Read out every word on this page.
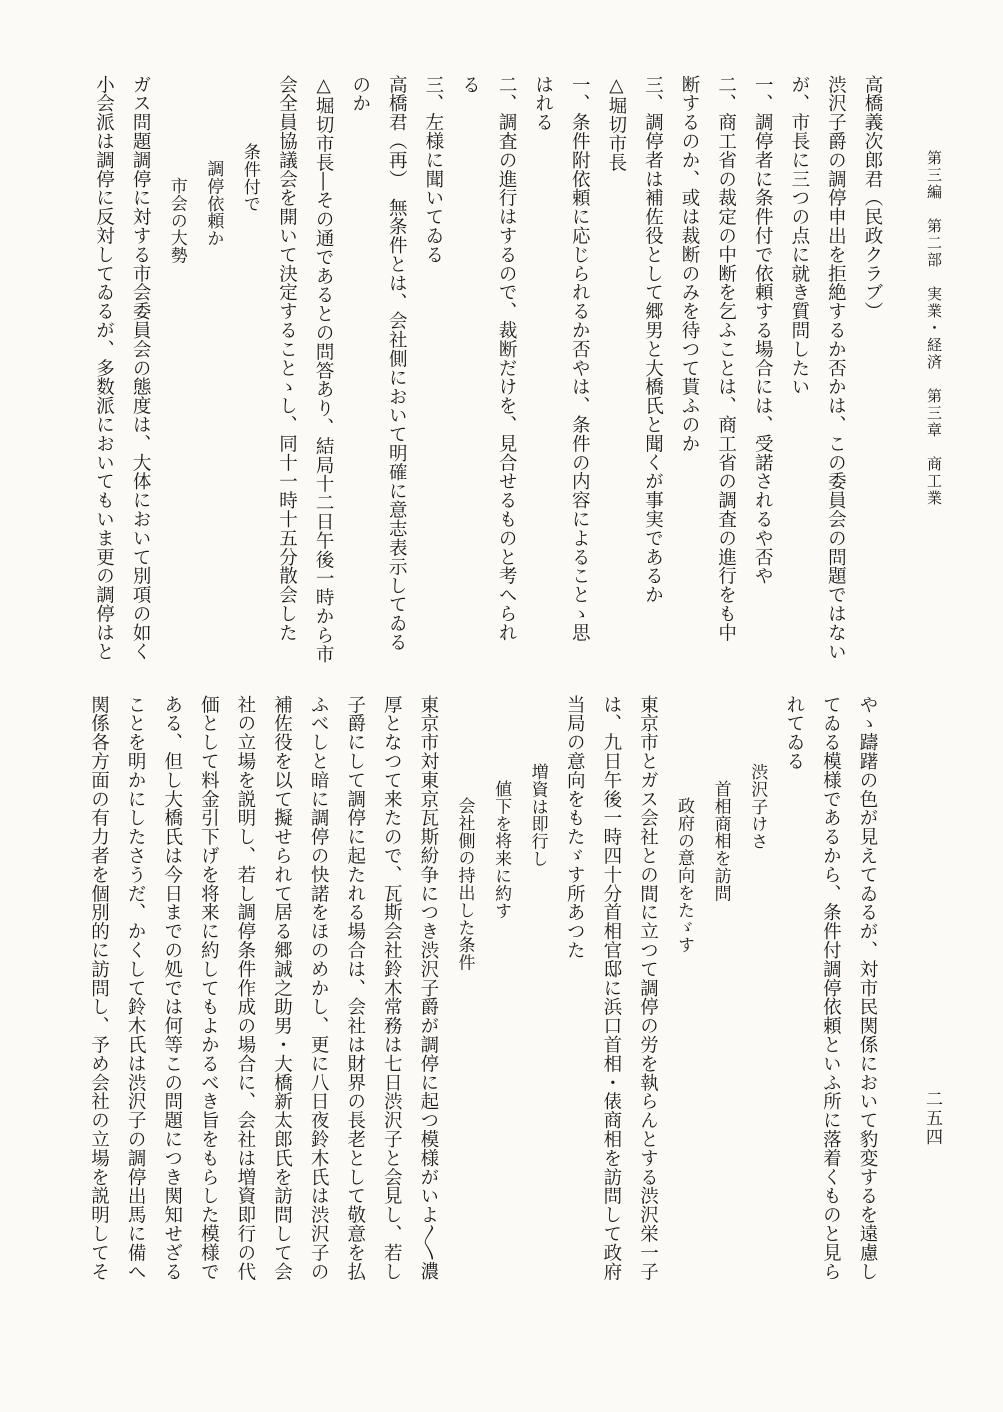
第三編　第二部　実業・経済　第三章　商工業
二五四
高橋義次郎君（民政クラブ）
渋沢子爵の調停申出を拒絶するか否かは、この委員会の問題ではない
が、市長に三つの点に就き質問したい
一、調停者に条件付で依頼する場合には、受諾されるや否や
二、商工省の裁定の中断を乞ふことは、商工省の調査の進行をも中
断するのか、或は裁断のみを待つて貰ふのか
三、調停者は補佐役として郷男と大橋氏と聞くが事実であるか
△堀切市長
一、条件附依頼に応じられるか否やは、条件の内容によることゝ思
はれる
二、調査の進行はするので、裁断だけを、見合せるものと考へられ
る
三、左様に聞いてゐる
高橋君（再）　無条件とは、会社側において明確に意志表示してゐる
のか
△堀切市長―その通であるとの問答あり、結局十二日午後一時から市
会全員協議会を開いて決定することゝし、同十一時十五分散会した
条件付で
調停依頼か
市会の大勢
ガス問題調停に対する市会委員会の態度は、大体において別項の如く
小会派は調停に反対してゐるが、多数派においてもいま更の調停はと
やゝ躊躇の色が見えてゐるが、対市民関係において豹変するを遠慮し
てゐる模様であるから、条件付調停依頼といふ所に落着くものと見ら
れてゐる
渋沢子けさ
首相商相を訪問
政府の意向をたゞす
東京市とガス会社との間に立つて調停の労を執らんとする渋沢栄一子
は、九日午後一時四十分首相官邸に浜口首相・俵商相を訪問して政府
当局の意向をもたゞす所あつた
増資は即行し
値下を将来に約す
会社側の持出した条件
東京市対東京瓦斯紛争につき渋沢子爵が調停に起つ模様がいよ〳〵濃
厚となつて来たので、瓦斯会社鈴木常務は七日渋沢子と会見し、若し
子爵にして調停に起たれる場合は、会社は財界の長老として敬意を払
ふべしと暗に調停の快諾をほのめかし、更に八日夜鈴木氏は渋沢子の
補佐役を以て擬せられて居る郷誠之助男・大橋新太郎氏を訪問して会
社の立場を説明し、若し調停条件作成の場合に、会社は増資即行の代
価として料金引下げを将来に約してもよかるべき旨をもらした模様で
ある、但し大橋氏は今日までの処では何等この問題につき関知せざる
ことを明かにしたさうだ、かくして鈴木氏は渋沢子の調停出馬に備へ
関係各方面の有力者を個別的に訪問し、予め会社の立場を説明してそ
